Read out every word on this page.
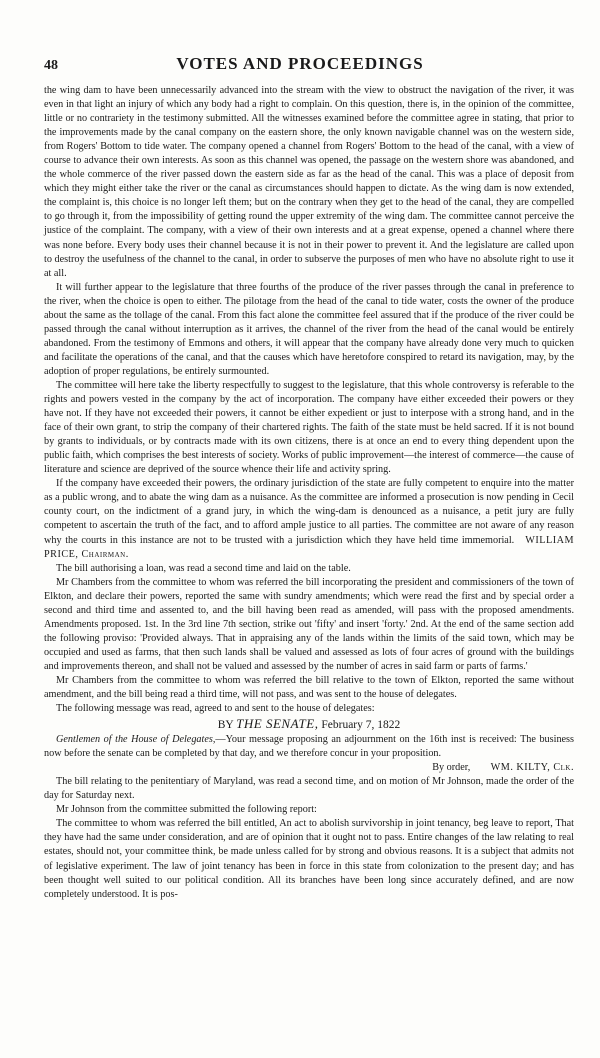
48	VOTES AND PROCEEDINGS

the wing dam to have been unnecessarily advanced into the stream with the view to obstruct the navigation of the river, it was even in that light an injury of which any body had a right to complain. On this question, there is, in the opinion of the committee, little or no contrariety in the testimony submitted. All the witnesses examined before the committee agree in stating, that prior to the improvements made by the canal company on the eastern shore, the only known navigable channel was on the western side, from Rogers' Bottom to tide water. The company opened a channel from Rogers' Bottom to the head of the canal, with a view of course to advance their own interests. As soon as this channel was opened, the passage on the western shore was abandoned, and the whole commerce of the river passed down the eastern side as far as the head of the canal. This was a place of deposit from which they might either take the river or the canal as circumstances should happen to dictate. As the wing dam is now extended, the complaint is, this choice is no longer left them; but on the contrary when they get to the head of the canal, they are compelled to go through it, from the impossibility of getting round the upper extremity of the wing dam. The committee cannot perceive the justice of the complaint. The company, with a view of their own interests and at a great expense, opened a channel where there was none before. Every body uses their channel because it is not in their power to prevent it. And the legislature are called upon to destroy the usefulness of the channel to the canal, in order to subserve the purposes of men who have no absolute right to use it at all.

It will further appear to the legislature that three fourths of the produce of the river passes through the canal in preference to the river, when the choice is open to either. The pilotage from the head of the canal to tide water, costs the owner of the produce about the same as the tollage of the canal. From this fact alone the committee feel assured that if the produce of the river could be passed through the canal without interruption as it arrives, the channel of the river from the head of the canal would be entirely abandoned. From the testimony of Emmons and others, it will appear that the company have already done very much to quicken and facilitate the operations of the canal, and that the causes which have heretofore conspired to retard its navigation, may, by the adoption of proper regulations, be entirely surmounted.

The committee will here take the liberty respectfully to suggest to the legislature, that this whole controversy is referable to the rights and powers vested in the company by the act of incorporation. The company have either exceeded their powers or they have not. If they have not exceeded their powers, it cannot be either expedient or just to interpose with a strong hand, and in the face of their own grant, to strip the company of their chartered rights. The faith of the state must be held sacred. If it is not bound by grants to individuals, or by contracts made with its own citizens, there is at once an end to every thing dependent upon the public faith, which comprises the best interests of society. Works of public improvement—the interest of commerce—the cause of literature and science are deprived of the source whence their life and activity spring.

If the company have exceeded their powers, the ordinary jurisdiction of the state are fully competent to enquire into the matter as a public wrong, and to abate the wing dam as a nuisance. As the committee are informed a prosecution is now pending in Cecil county court, on the indictment of a grand jury, in which the wing-dam is denounced as a nuisance, a petit jury are fully competent to ascertain the truth of the fact, and to afford ample justice to all parties. The committee are not aware of any reason why the courts in this instance are not to be trusted with a jurisdiction which they have held time immemorial. WILLIAM PRICE, Chairman.

The bill authorising a loan, was read a second time and laid on the table.

Mr Chambers from the committee to whom was referred the bill incorporating the president and commissioners of the town of Elkton, and declare their powers, reported the same with sundry amendments; which were read the first and by special order a second and third time and assented to, and the bill having been read as amended, will pass with the proposed amendments. Amendments proposed. 1st. In the 3rd line 7th section, strike out 'fifty' and insert 'forty.' 2nd. At the end of the same section add the following proviso: 'Provided always. That in appraising any of the lands within the limits of the said town, which may be occupied and used as farms, that then such lands shall be valued and assessed as lots of four acres of ground with the buildings and improvements thereon, and shall not be valued and assessed by the number of acres in said farm or parts of farms.'

Mr Chambers from the committee to whom was referred the bill relative to the town of Elkton, reported the same without amendment, and the bill being read a third time, will not pass, and was sent to the house of delegates.

The following message was read, agreed to and sent to the house of delegates:

BY THE SENATE, February 7, 1822

Gentlemen of the House of Delegates,—Your message proposing an adjournment on the 16th inst is received: The business now before the senate can be completed by that day, and we therefore concur in your proposition.

By order, WM. KILTY, Clk.

The bill relating to the penitentiary of Maryland, was read a second time, and on motion of Mr Johnson, made the order of the day for Saturday next.

Mr Johnson from the committee submitted the following report:

The committee to whom was referred the bill entitled, An act to abolish survivorship in joint tenancy, beg leave to report, That they have had the same under consideration, and are of opinion that it ought not to pass. Entire changes of the law relating to real estates, should not, your committee think, be made unless called for by strong and obvious reasons. It is a subject that admits not of legislative experiment. The law of joint tenancy has been in force in this state from colonization to the present day; and has been thought well suited to our political condition. All its branches have been long since accurately defined, and are now completely understood. It is pos-
